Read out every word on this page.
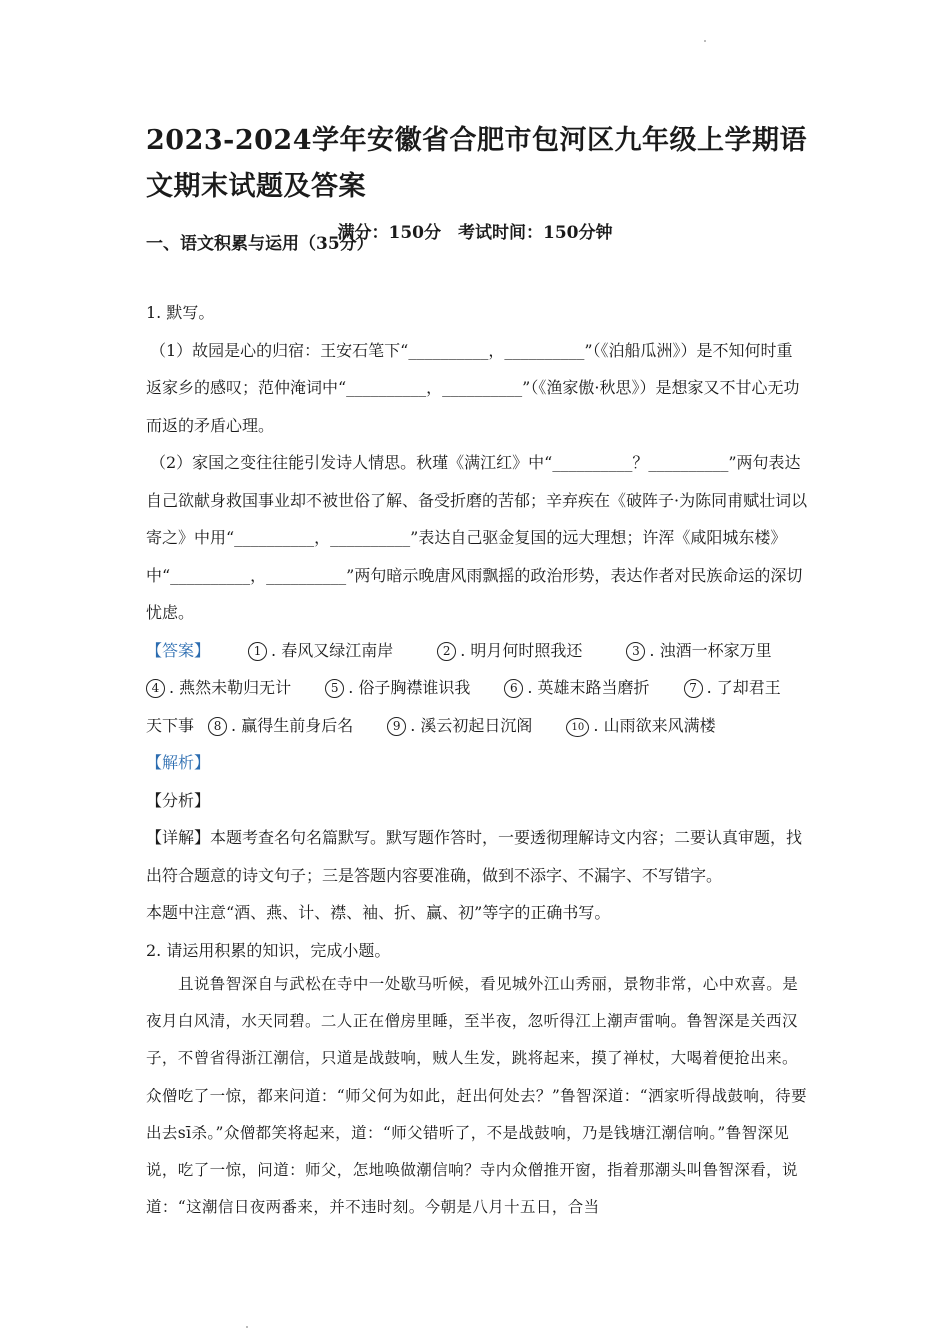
2023-2024学年安徽省合肥市包河区九年级上学期语文期末试题及答案
满分：150分　考试时间：150分钟
一、语文积累与运用（35分）

1. 默写。

（1）故园是心的归宿：王安石笔下“__________，__________”（《泊船瓜洲》）是不知何时重返家乡的感叹；范仲淹词中“__________，__________”（《渔家傲·秋思》）是想家又不甘心无功而返的矛盾心理。

（2）家国之变往往能引发诗人情思。秋瑾《满江红》中“__________？__________”两句表达自己欲献身救国事业却不被世俗了解、备受折磨的苦郁；辛弃疾在《破阵子·为陈同甫赋壮词以寄之》中用“__________，__________”表达自己驱金复国的远大理想；许浑《咸阳城东楼》中“__________，__________”两句暗示晚唐风雨飘摇的政治形势，表达作者对民族命运的深切忧虑。

【答案】	1 . 春风又绿江南岸	2 . 明月何时照我还	3 . 浊酒一杯家万里

4 . 燕然未勒归无计	5 . 俗子胸襟谁识我	6 . 英雄末路当磨折	7 . 了却君王

天下事 8 . 赢得生前身后名	9 . 溪云初起日沉阁	10 . 山雨欲来风满楼

【解析】

【分析】

【详解】本题考查名句名篇默写。默写题作答时，一要透彻理解诗文内容；二要认真审题，找出符合题意的诗文句子；三是答题内容要准确，做到不添字、不漏字、不写错字。

本题中注意“酒、燕、计、襟、袖、折、赢、初”等字的正确书写。

2. 请运用积累的知识，完成小题。

且说鲁智深自与武松在寺中一处歇马听候，看见城外江山秀丽，景物非常，心中欢喜。是夜月白风清，水天同碧。二人正在僧房里睡，至半夜，忽听得江上潮声雷响。鲁智深是关西汉子，不曾省得浙江潮信，只道是战鼓响，贼人生发，跳将起来，摸了禅杖，大喝着便抢出来。众僧吃了一惊，都来问道：“师父何为如此，赶出何处去？”鲁智深道：“洒家听得战鼓响，待要出去sī杀。”众僧都笑将起来，道：“师父错听了，不是战鼓响，乃是钱塘江潮信响。”鲁智深见说，吃了一惊，问道：师父，怎地唤做潮信响？寺内众僧推开窗，指着那潮头叫鲁智深看，说道：“这潮信日夜两番来，并不违时刻。今朝是八月十五日，合当
